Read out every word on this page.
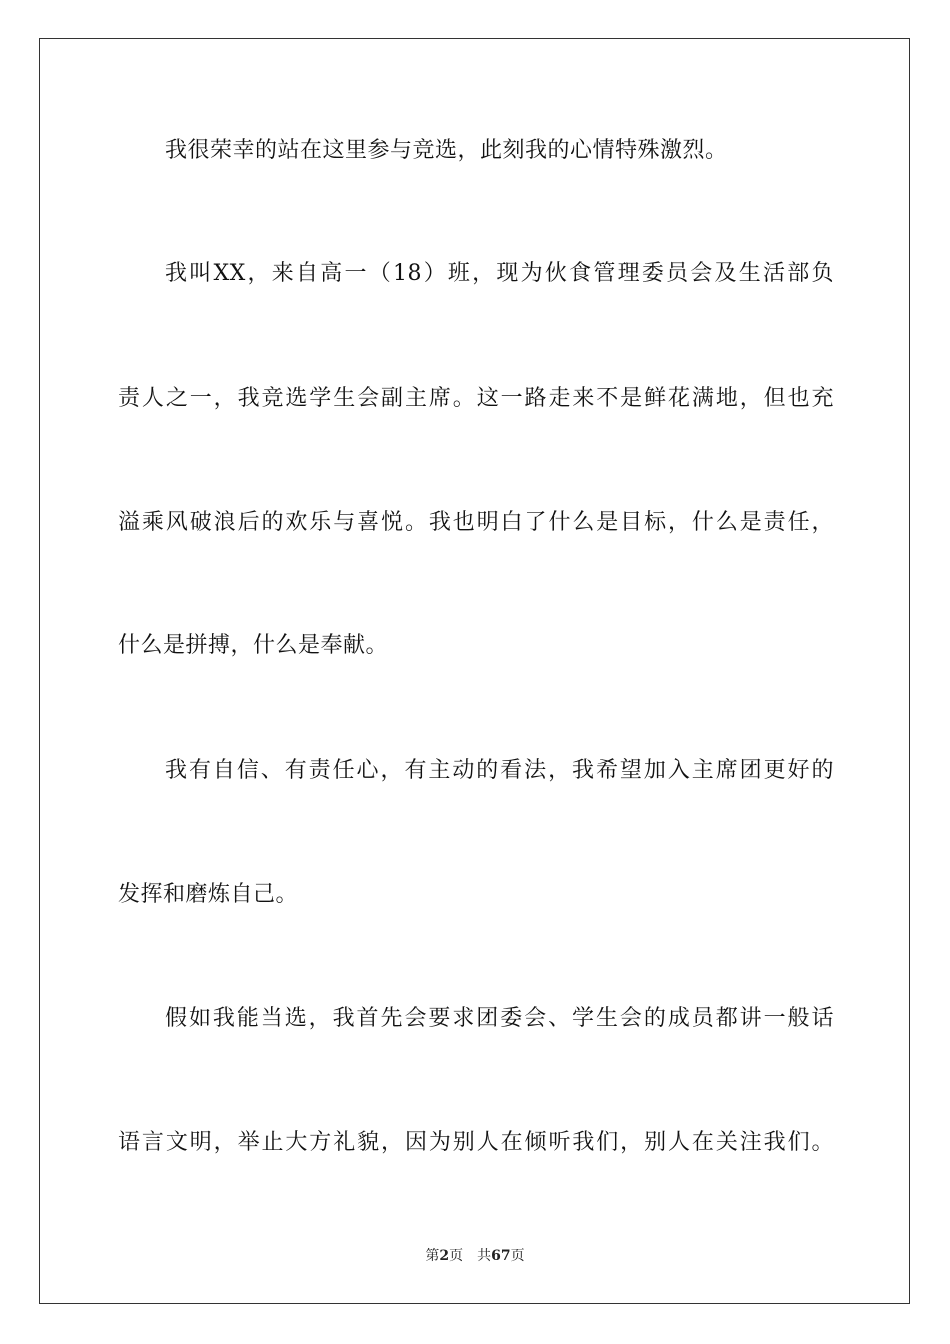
我很荣幸的站在这里参与竞选，此刻我的心情特殊激烈。
我叫XX，来自高一（18）班，现为伙食管理委员会及生活部负
责人之一，我竞选学生会副主席。这一路走来不是鲜花满地，但也充
溢乘风破浪后的欢乐与喜悦。我也明白了什么是目标，什么是责任，
什么是拼搏，什么是奉献。
我有自信、有责任心，有主动的看法，我希望加入主席团更好的
发挥和磨炼自己。
假如我能当选，我首先会要求团委会、学生会的成员都讲一般话
语言文明，举止大方礼貌，因为别人在倾听我们，别人在关注我们。
第2页 共67页
